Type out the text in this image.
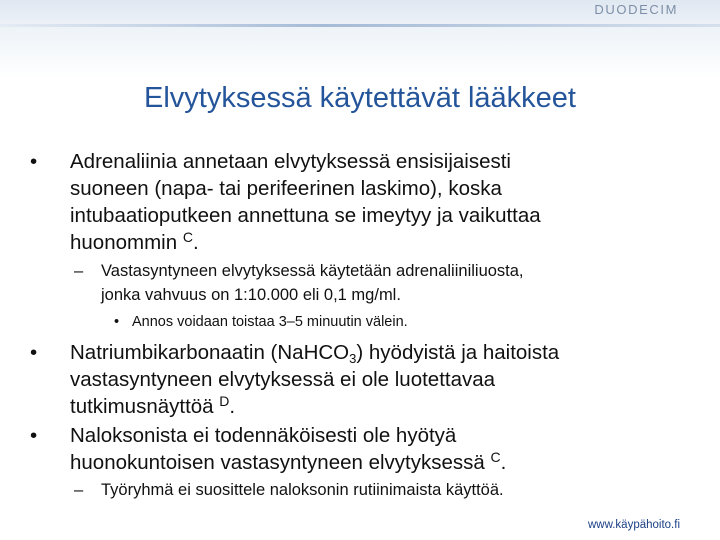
DUODECIM
Elvytyksessä käytettävät lääkkeet
• Adrenaliinia annetaan elvytyksessä ensisijaisesti
suoneen (napa- tai perifeerinen laskimo), koska
intubaatioputkeen annettuna se imeytyy ja vaikuttaa
huonommin $^C$.
– Vastasyntyneen elvytyksessä käytetään adrenaliiniliuosta,
jonka vahvuus on 1:10.000 eli 0,1 mg/ml.
• Annos voidaan toistaa 3–5 minuutin välein.
• Natriumbikarbonaatin (NaHCO3) hyödyistä ja haitoista
vastasyntyneen elvytyksessä ei ole luotettavaa
tutkimusnäyttöä $^D$.
• Naloksonista ei todennäköisesti ole hyötyä
huonokuntoisen vastasyntyneen elvytyksessä $^C$.
– Työryhmä ei suosittele naloksonin rutiinimaista käyttöä.
www.käypähoito.fi
